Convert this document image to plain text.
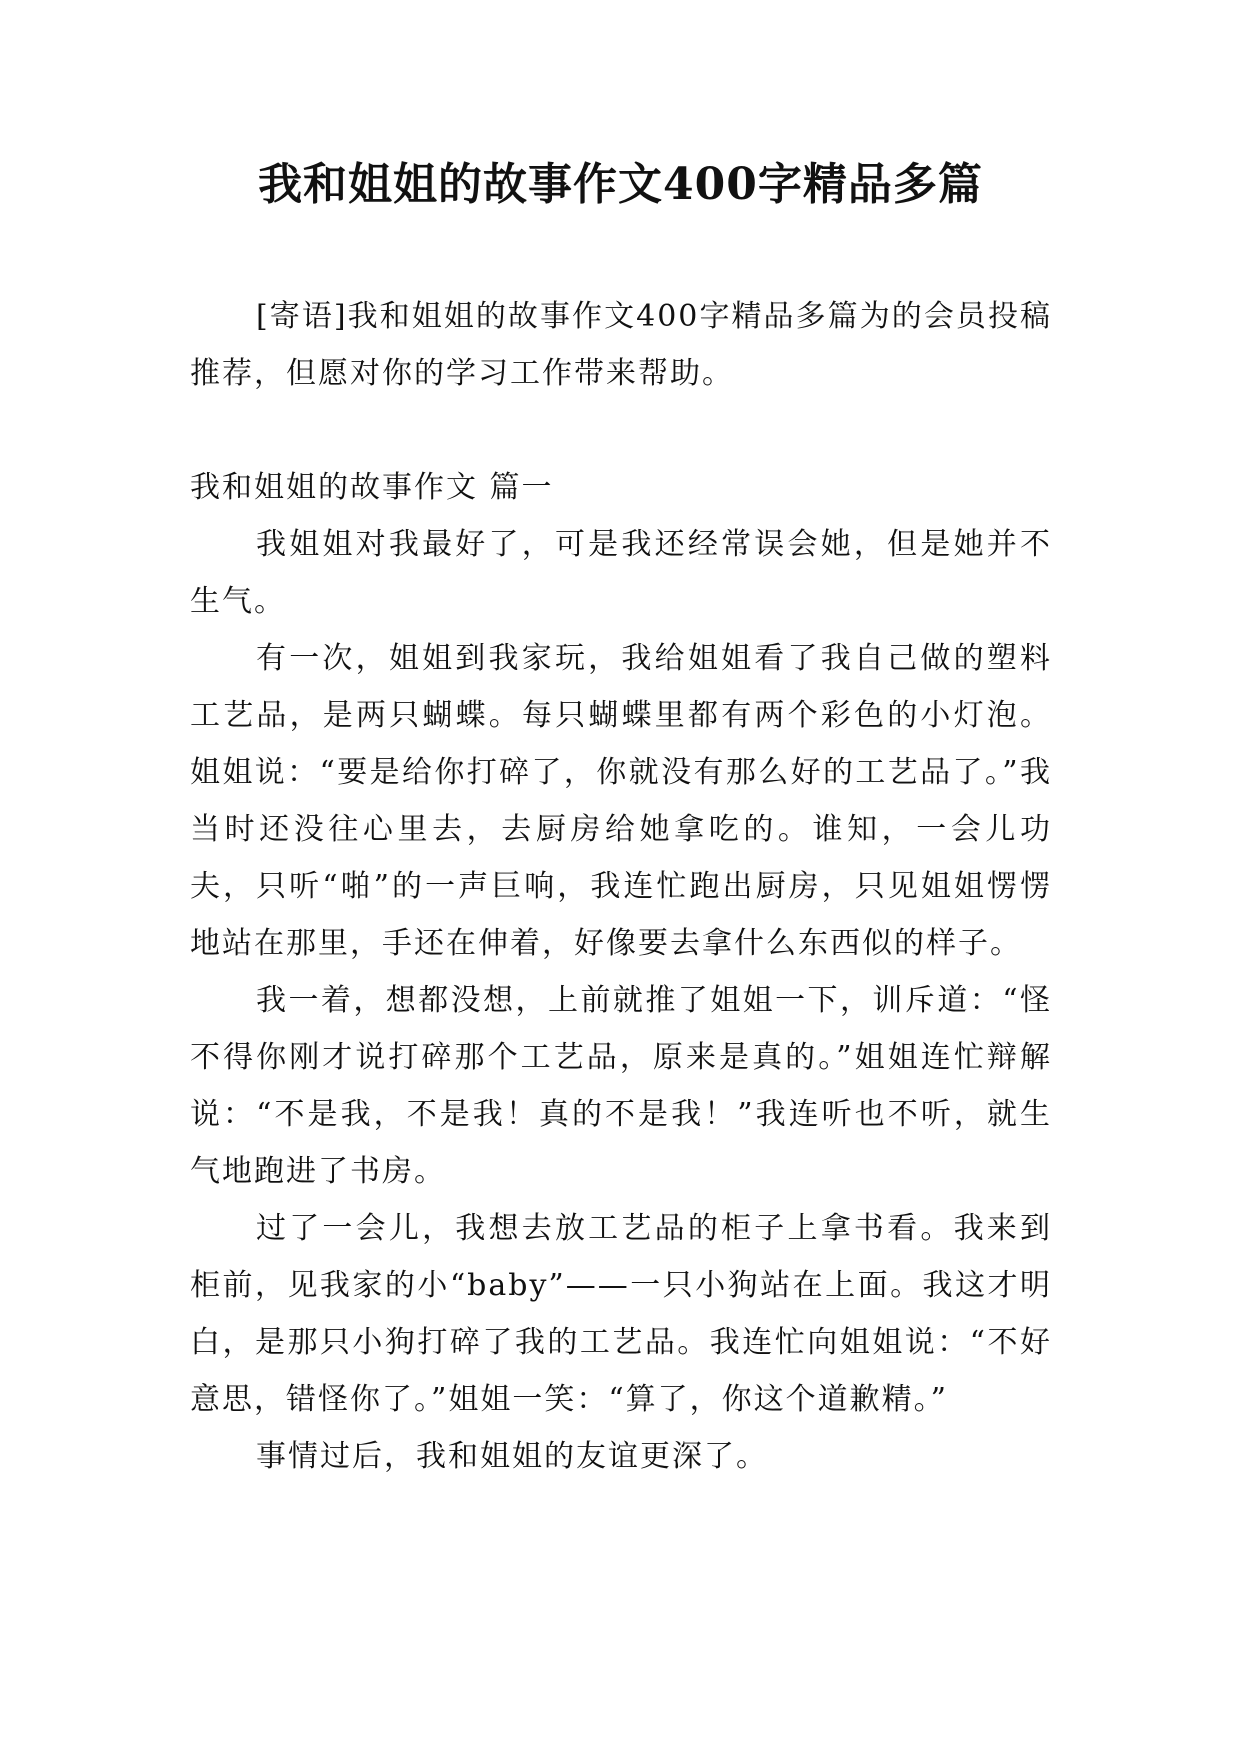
我和姐姐的故事作文400字精品多篇

[寄语]我和姐姐的故事作文400字精品多篇为的会员投稿推荐，但愿对你的学习工作带来帮助。

我和姐姐的故事作文 篇一

我姐姐对我最好了，可是我还经常误会她，但是她并不生气。

有一次，姐姐到我家玩，我给姐姐看了我自己做的塑料工艺品，是两只蝴蝶。每只蝴蝶里都有两个彩色的小灯泡。姐姐说：“要是给你打碎了，你就没有那么好的工艺品了。”我当时还没往心里去，去厨房给她拿吃的。谁知，一会儿功夫，只听“啪”的一声巨响，我连忙跑出厨房，只见姐姐愣愣地站在那里，手还在伸着，好像要去拿什么东西似的样子。

我一着，想都没想，上前就推了姐姐一下，训斥道：“怪不得你刚才说打碎那个工艺品，原来是真的。”姐姐连忙辩解说：“不是我，不是我！真的不是我！”我连听也不听，就生气地跑进了书房。

过了一会儿，我想去放工艺品的柜子上拿书看。我来到柜前，见我家的小“baby”——一只小狗站在上面。我这才明白，是那只小狗打碎了我的工艺品。我连忙向姐姐说：“不好意思，错怪你了。”姐姐一笑：“算了，你这个道歉精。”

事情过后，我和姐姐的友谊更深了。
